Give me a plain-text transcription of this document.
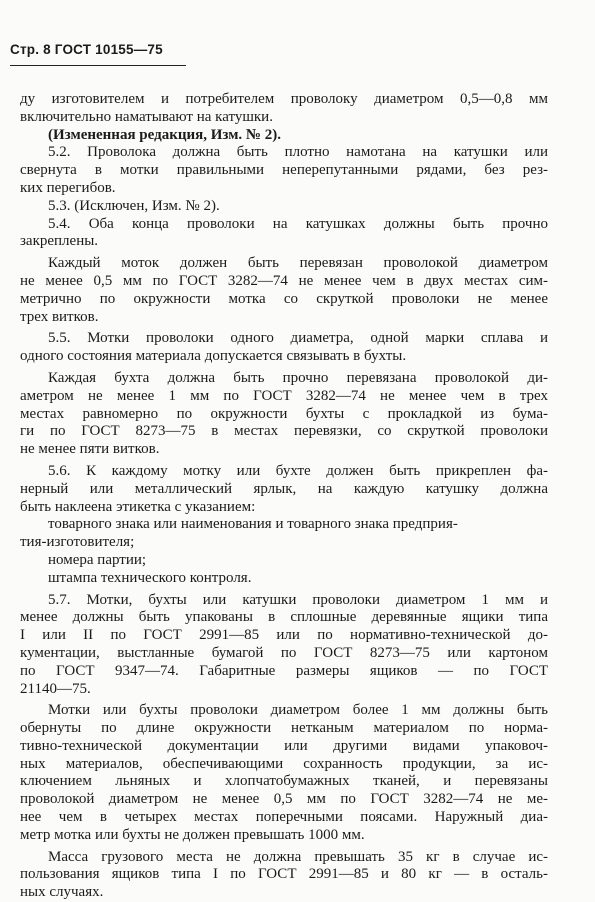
Стр. 8 ГОСТ 10155—75
ду изготовителем и потребителем проволоку диаметром 0,5—0,8 мм
включительно наматывают на катушки.
(Измененная редакция, Изм. № 2).
5.2. Проволока должна быть плотно намотана на катушки или
свернута в мотки правильными неперепутанными рядами, без рез-
ких перегибов.
5.3. (Исключен, Изм. № 2).
5.4. Оба конца проволоки на катушках должны быть прочно
закреплены.
Каждый моток должен быть перевязан проволокой диаметром
не менее 0,5 мм по ГОСТ 3282—74 не менее чем в двух местах сим-
метрично по окружности мотка со скруткой проволоки не менее
трех витков.
5.5. Мотки проволоки одного диаметра, одной марки сплава и
одного состояния материала допускается связывать в бухты.
Каждая бухта должна быть прочно перевязана проволокой ди-
аметром не менее 1 мм по ГОСТ 3282—74 не менее чем в трех
местах равномерно по окружности бухты с прокладкой из бума-
ги по ГОСТ 8273—75 в местах перевязки, со скруткой проволоки
не менее пяти витков.
5.6. К каждому мотку или бухте должен быть прикреплен фа-
нерный или металлический ярлык, на каждую катушку должна
быть наклеена этикетка с указанием:
товарного знака или наименования и товарного знака предприя-
тия-изготовителя;
номера партии;
штампа технического контроля.
5.7. Мотки, бухты или катушки проволоки диаметром 1 мм и
менее должны быть упакованы в сплошные деревянные ящики типа
I или II по ГОСТ 2991—85 или по нормативно-технической до-
кументации, выстланные бумагой по ГОСТ 8273—75 или картоном
по ГОСТ 9347—74. Габаритные размеры ящиков — по ГОСТ
21140—75.
Мотки или бухты проволоки диаметром более 1 мм должны быть
обернуты по длине окружности нетканым материалом по норма-
тивно-технической документации или другими видами упаковоч-
ных материалов, обеспечивающими сохранность продукции, за ис-
ключением льняных и хлопчатобумажных тканей, и перевязаны
проволокой диаметром не менее 0,5 мм по ГОСТ 3282—74 не ме-
нее чем в четырех местах поперечными поясами. Наружный диа-
метр мотка или бухты не должен превышать 1000 мм.
Масса грузового места не должна превышать 35 кг в случае ис-
пользования ящиков типа I по ГОСТ 2991—85 и 80 кг — в осталь-
ных случаях.
